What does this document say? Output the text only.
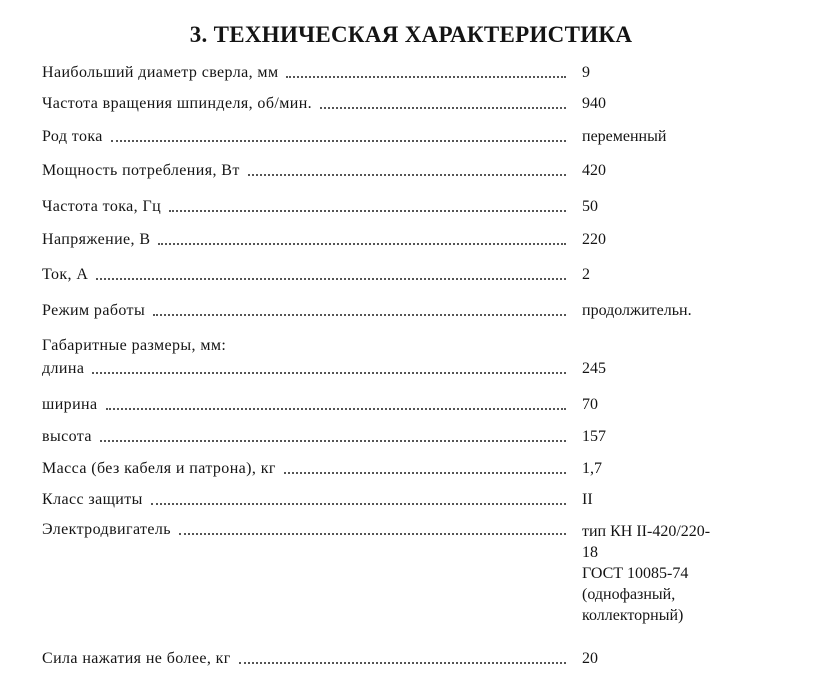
3. ТЕХНИЧЕСКАЯ ХАРАКТЕРИСТИКА
Наибольший диаметр сверла, мм	9
Частота вращения шпинделя, об/мин.	940
Род тока	переменный
Мощность потребления, Вт	420
Частота тока, Гц	50
Напряжение, В	220
Ток, А	2
Режим работы	продолжительн.
Габаритные размеры, мм:
длина	245
ширина	70
высота	157
Масса (без кабеля и патрона), кг	1,7
Класс защиты	II
Электродвигатель	тип КН II-420/220-
18
ГОСТ 10085-74
(однофазный,
коллекторный)
Сила нажатия не более, кг	20
